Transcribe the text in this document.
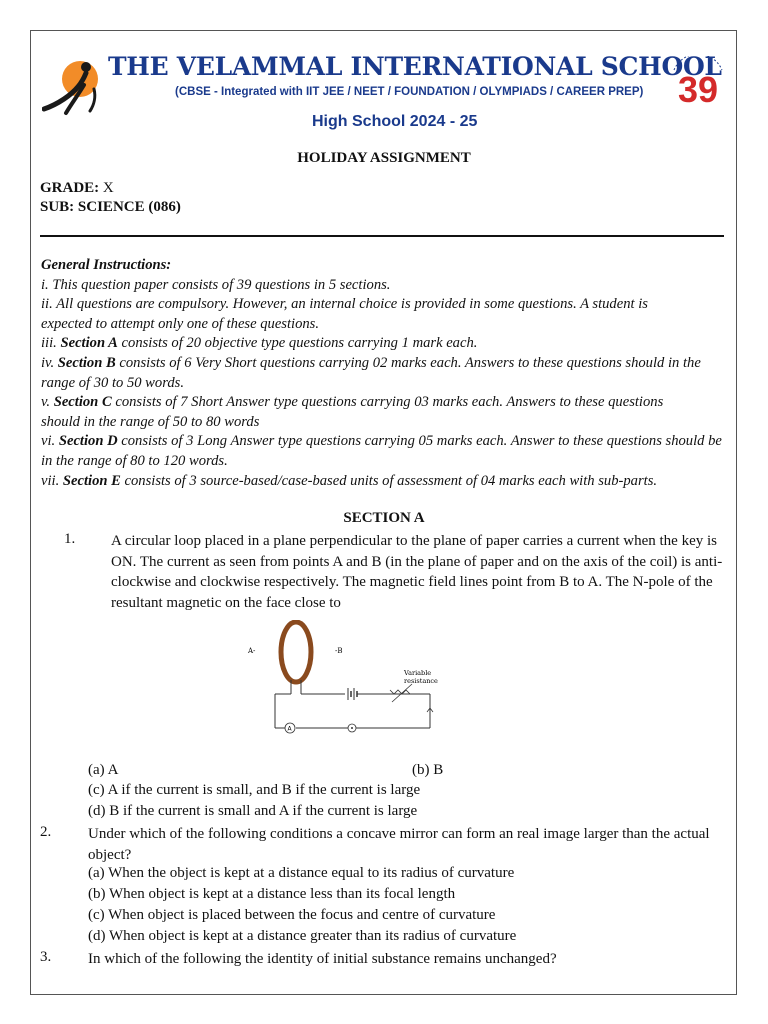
THE VELAMMAL INTERNATIONAL SCHOOL
(CBSE - Integrated with IIT JEE / NEET / FOUNDATION / OLYMPIADS / CAREER PREP)
High School 2024 - 25
39
HOLIDAY ASSIGNMENT
GRADE: X
SUB: SCIENCE (086)

General Instructions:

i. This question paper consists of 39 questions in 5 sections.

ii. All questions are compulsory. However, an internal choice is provided in some questions. A student is expected to attempt only one of these questions.

iii. Section A consists of 20 objective type questions carrying 1 mark each.

iv. Section B consists of 6 Very Short questions carrying 02 marks each. Answers to these questions should in the range of 30 to 50 words.

v. Section C consists of 7 Short Answer type questions carrying 03 marks each. Answers to these questions should in the range of 50 to 80 words

vi. Section D consists of 3 Long Answer type questions carrying 05 marks each. Answer to these questions should be in the range of 80 to 120 words.

vii. Section E consists of 3 source-based/case-based units of assessment of 04 marks each with sub-parts.

SECTION A
1. A circular loop placed in a plane perpendicular to the plane of paper carries a current when the key is ON. The current as seen from points A and B (in the plane of paper and on the axis of the coil) is anti-clockwise and clockwise respectively. The magnetic field lines point from B to A. The N-pole of the resultant magnetic on the face close to
A-	-B
Variable
resistance
A
(a) A	(b) B
(c) A if the current is small, and B if the current is large
(d) B if the current is small and A if the current is large
2. Under which of the following conditions a concave mirror can form an real image larger than the actual object?
(a) When the object is kept at a distance equal to its radius of curvature
(b) When object is kept at a distance less than its focal length
(c) When object is placed between the focus and centre of curvature
(d) When object is kept at a distance greater than its radius of curvature
3. In which of the following the identity of initial substance remains unchanged?
